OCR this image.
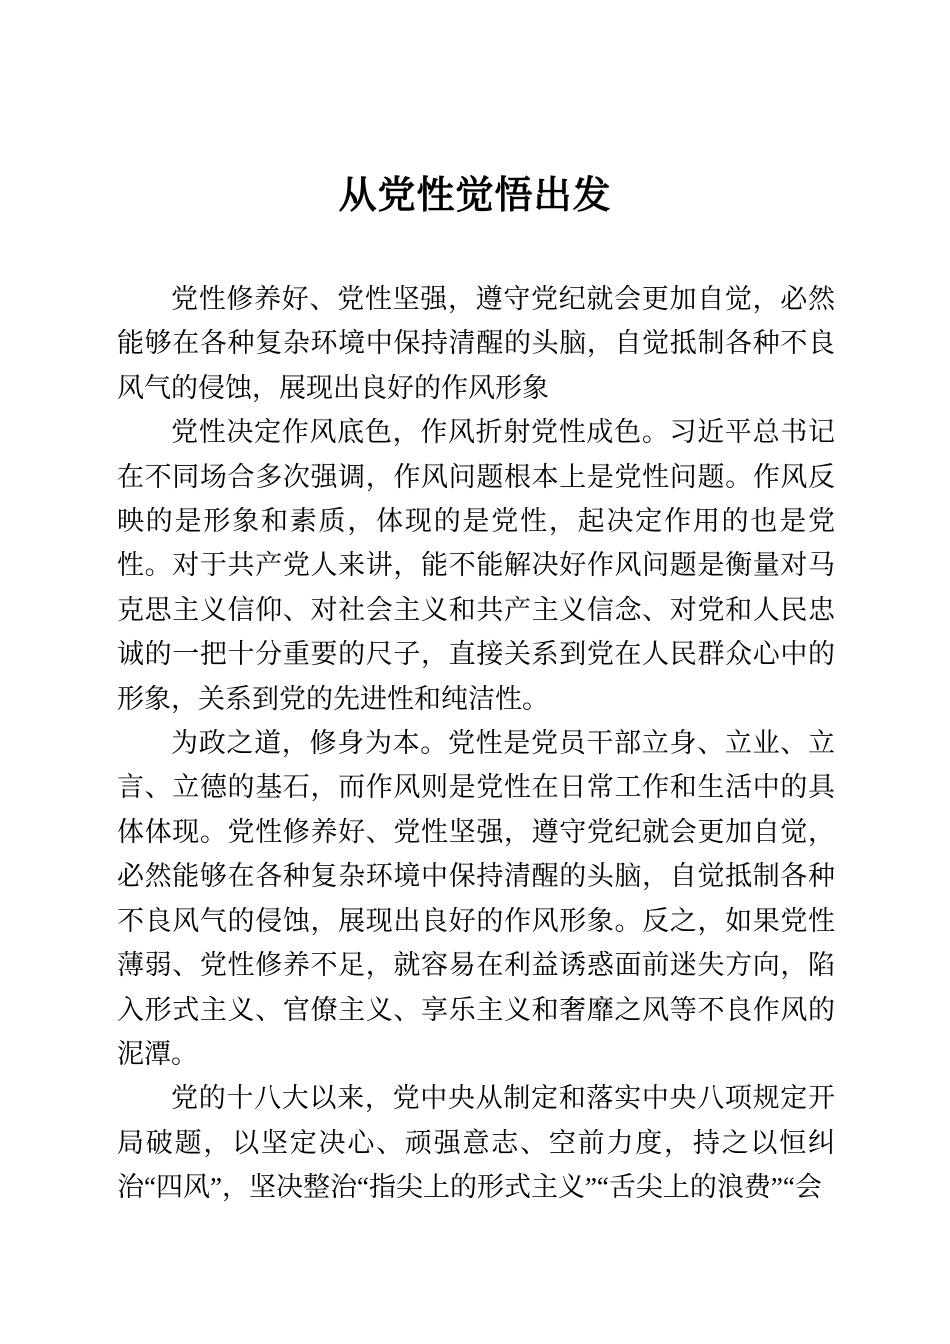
从党性觉悟出发

党性修养好、党性坚强，遵守党纪就会更加自觉，必然能够在各种复杂环境中保持清醒的头脑，自觉抵制各种不良风气的侵蚀，展现出良好的作风形象

党性决定作风底色，作风折射党性成色。习近平总书记在不同场合多次强调，作风问题根本上是党性问题。作风反映的是形象和素质，体现的是党性，起决定作用的也是党性。对于共产党人来讲，能不能解决好作风问题是衡量对马克思主义信仰、对社会主义和共产主义信念、对党和人民忠诚的一把十分重要的尺子，直接关系到党在人民群众心中的形象，关系到党的先进性和纯洁性。

为政之道，修身为本。党性是党员干部立身、立业、立言、立德的基石，而作风则是党性在日常工作和生活中的具体体现。党性修养好、党性坚强，遵守党纪就会更加自觉，必然能够在各种复杂环境中保持清醒的头脑，自觉抵制各种不良风气的侵蚀，展现出良好的作风形象。反之，如果党性薄弱、党性修养不足，就容易在利益诱惑面前迷失方向，陷入形式主义、官僚主义、享乐主义和奢靡之风等不良作风的泥潭。

党的十八大以来，党中央从制定和落实中央八项规定开局破题，以坚定决心、顽强意志、空前力度，持之以恒纠治“四风”，坚决整治“指尖上的形式主义”“舌尖上的浪费”“会
